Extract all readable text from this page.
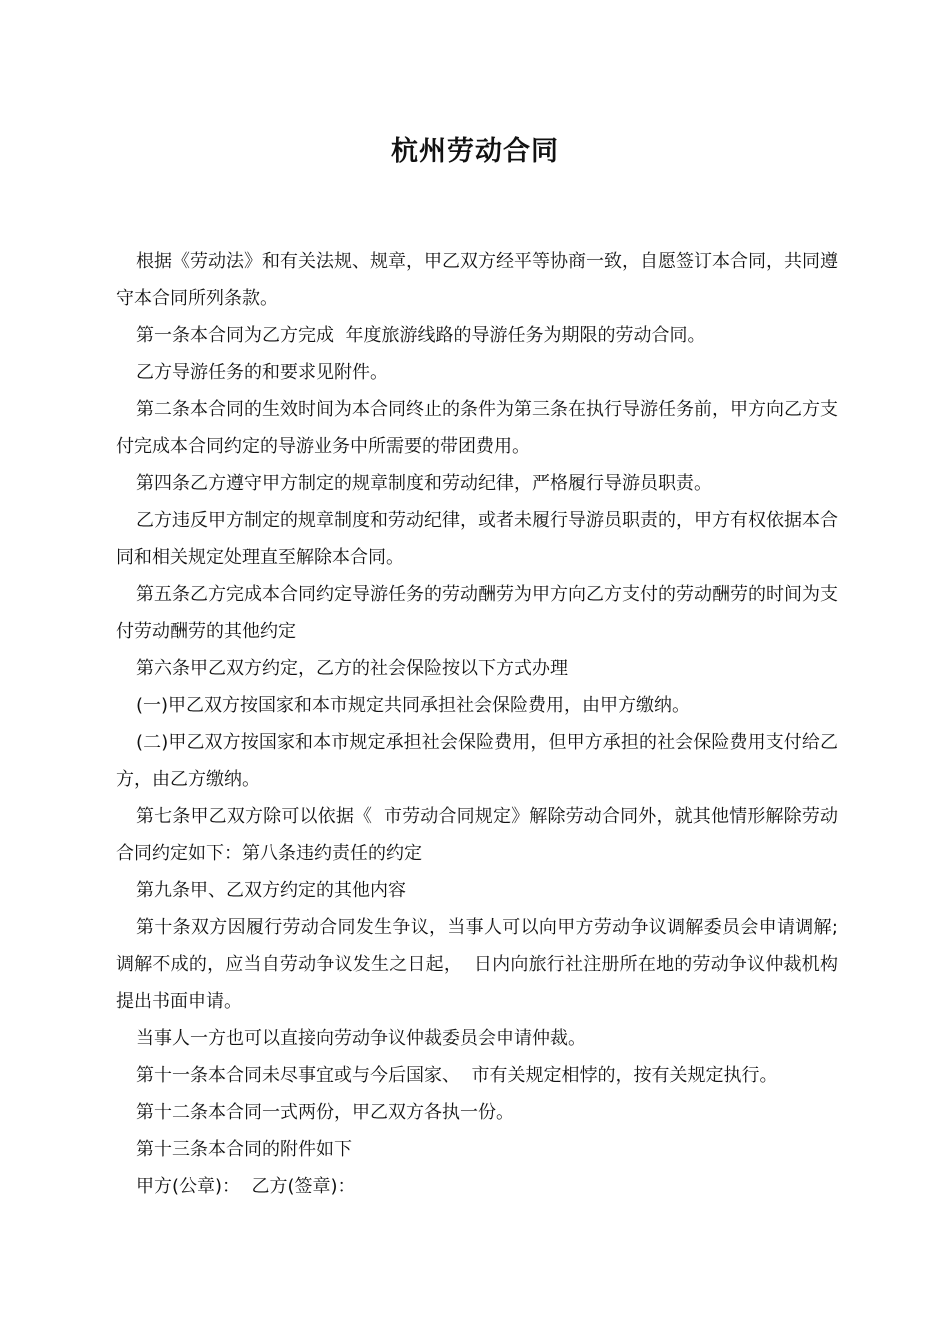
杭州劳动合同

根据《劳动法》和有关法规、规章，甲乙双方经平等协商一致，自愿签订本合同，共同遵守本合同所列条款。

第一条本合同为乙方完成  年度旅游线路的导游任务为期限的劳动合同。

乙方导游任务的和要求见附件。

第二条本合同的生效时间为本合同终止的条件为第三条在执行导游任务前，甲方向乙方支付完成本合同约定的导游业务中所需要的带团费用。

第四条乙方遵守甲方制定的规章制度和劳动纪律，严格履行导游员职责。

乙方违反甲方制定的规章制度和劳动纪律，或者未履行导游员职责的，甲方有权依据本合同和相关规定处理直至解除本合同。

第五条乙方完成本合同约定导游任务的劳动酬劳为甲方向乙方支付的劳动酬劳的时间为支付劳动酬劳的其他约定

第六条甲乙双方约定，乙方的社会保险按以下方式办理

(一)甲乙双方按国家和本市规定共同承担社会保险费用，由甲方缴纳。

(二)甲乙双方按国家和本市规定承担社会保险费用，但甲方承担的社会保险费用支付给乙方，由乙方缴纳。

第七条甲乙双方除可以依据《  市劳动合同规定》解除劳动合同外，就其他情形解除劳动合同约定如下：第八条违约责任的约定

第九条甲、乙双方约定的其他内容

第十条双方因履行劳动合同发生争议，当事人可以向甲方劳动争议调解委员会申请调解;调解不成的，应当自劳动争议发生之日起，  日内向旅行社注册所在地的劳动争议仲裁机构提出书面申请。

当事人一方也可以直接向劳动争议仲裁委员会申请仲裁。

第十一条本合同未尽事宜或与今后国家、  市有关规定相悖的，按有关规定执行。

第十二条本合同一式两份，甲乙双方各执一份。

第十三条本合同的附件如下

甲方(公章)：  乙方(签章)：
